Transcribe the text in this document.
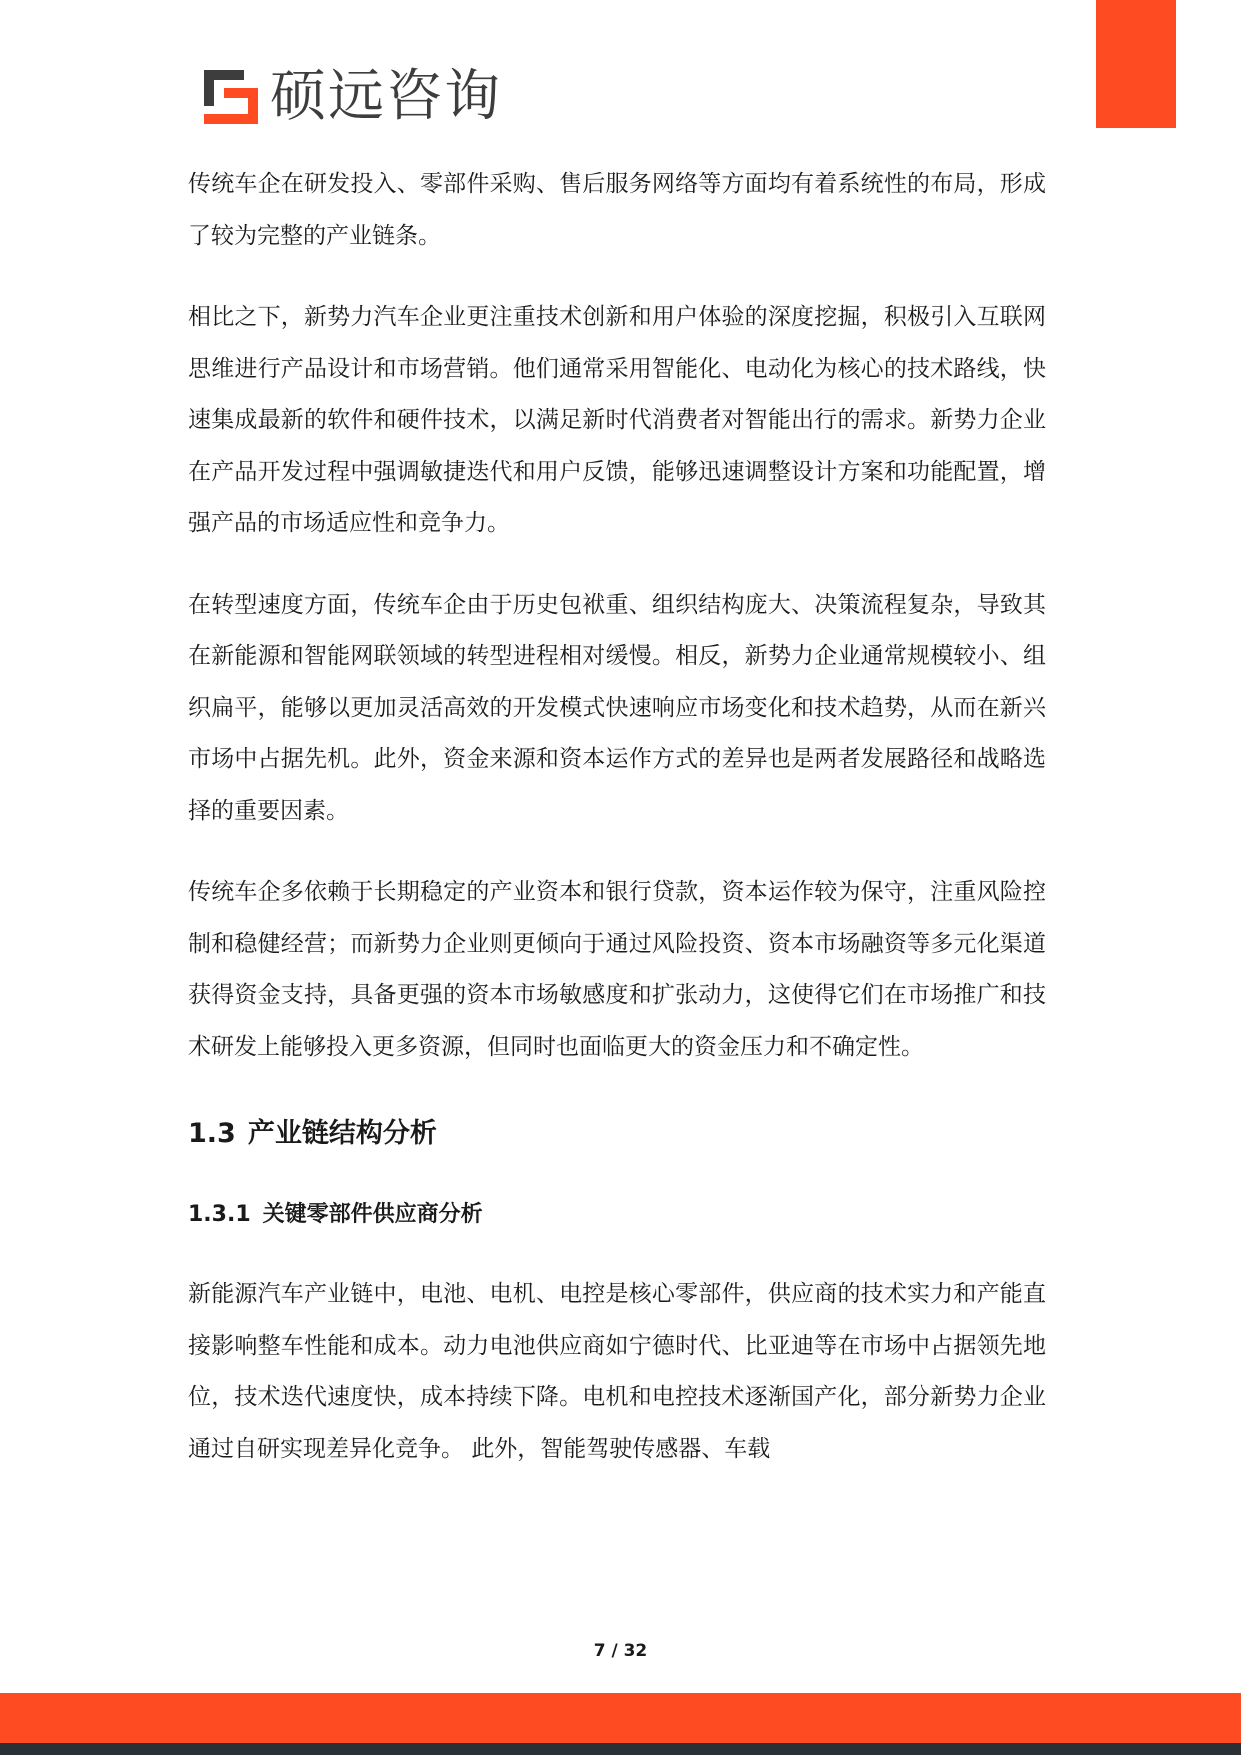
硕远咨询

传统车企在研发投入、零部件采购、售后服务网络等方面均有着系统性的布局，形成了较为完整的产业链条。

相比之下，新势力汽车企业更注重技术创新和用户体验的深度挖掘，积极引入互联网思维进行产品设计和市场营销。他们通常采用智能化、电动化为核心的技术路线，快速集成最新的软件和硬件技术，以满足新时代消费者对智能出行的需求。新势力企业在产品开发过程中强调敏捷迭代和用户反馈，能够迅速调整设计方案和功能配置，增强产品的市场适应性和竞争力。

在转型速度方面，传统车企由于历史包袱重、组织结构庞大、决策流程复杂，导致其在新能源和智能网联领域的转型进程相对缓慢。相反，新势力企业通常规模较小、组织扁平，能够以更加灵活高效的开发模式快速响应市场变化和技术趋势，从而在新兴市场中占据先机。此外，资金来源和资本运作方式的差异也是两者发展路径和战略选择的重要因素。

传统车企多依赖于长期稳定的产业资本和银行贷款，资本运作较为保守，注重风险控制和稳健经营；而新势力企业则更倾向于通过风险投资、资本市场融资等多元化渠道获得资金支持，具备更强的资本市场敏感度和扩张动力，这使得它们在市场推广和技术研发上能够投入更多资源，但同时也面临更大的资金压力和不确定性。

1.3 产业链结构分析
1.3.1 关键零部件供应商分析

新能源汽车产业链中，电池、电机、电控是核心零部件，供应商的技术实力和产能直接影响整车性能和成本。动力电池供应商如宁德时代、比亚迪等在市场中占据领先地位，技术迭代速度快，成本持续下降。电机和电控技术逐渐国产化，部分新势力企业通过自研实现差异化竞争。 此外，智能驾驶传感器、车载

7 / 32
